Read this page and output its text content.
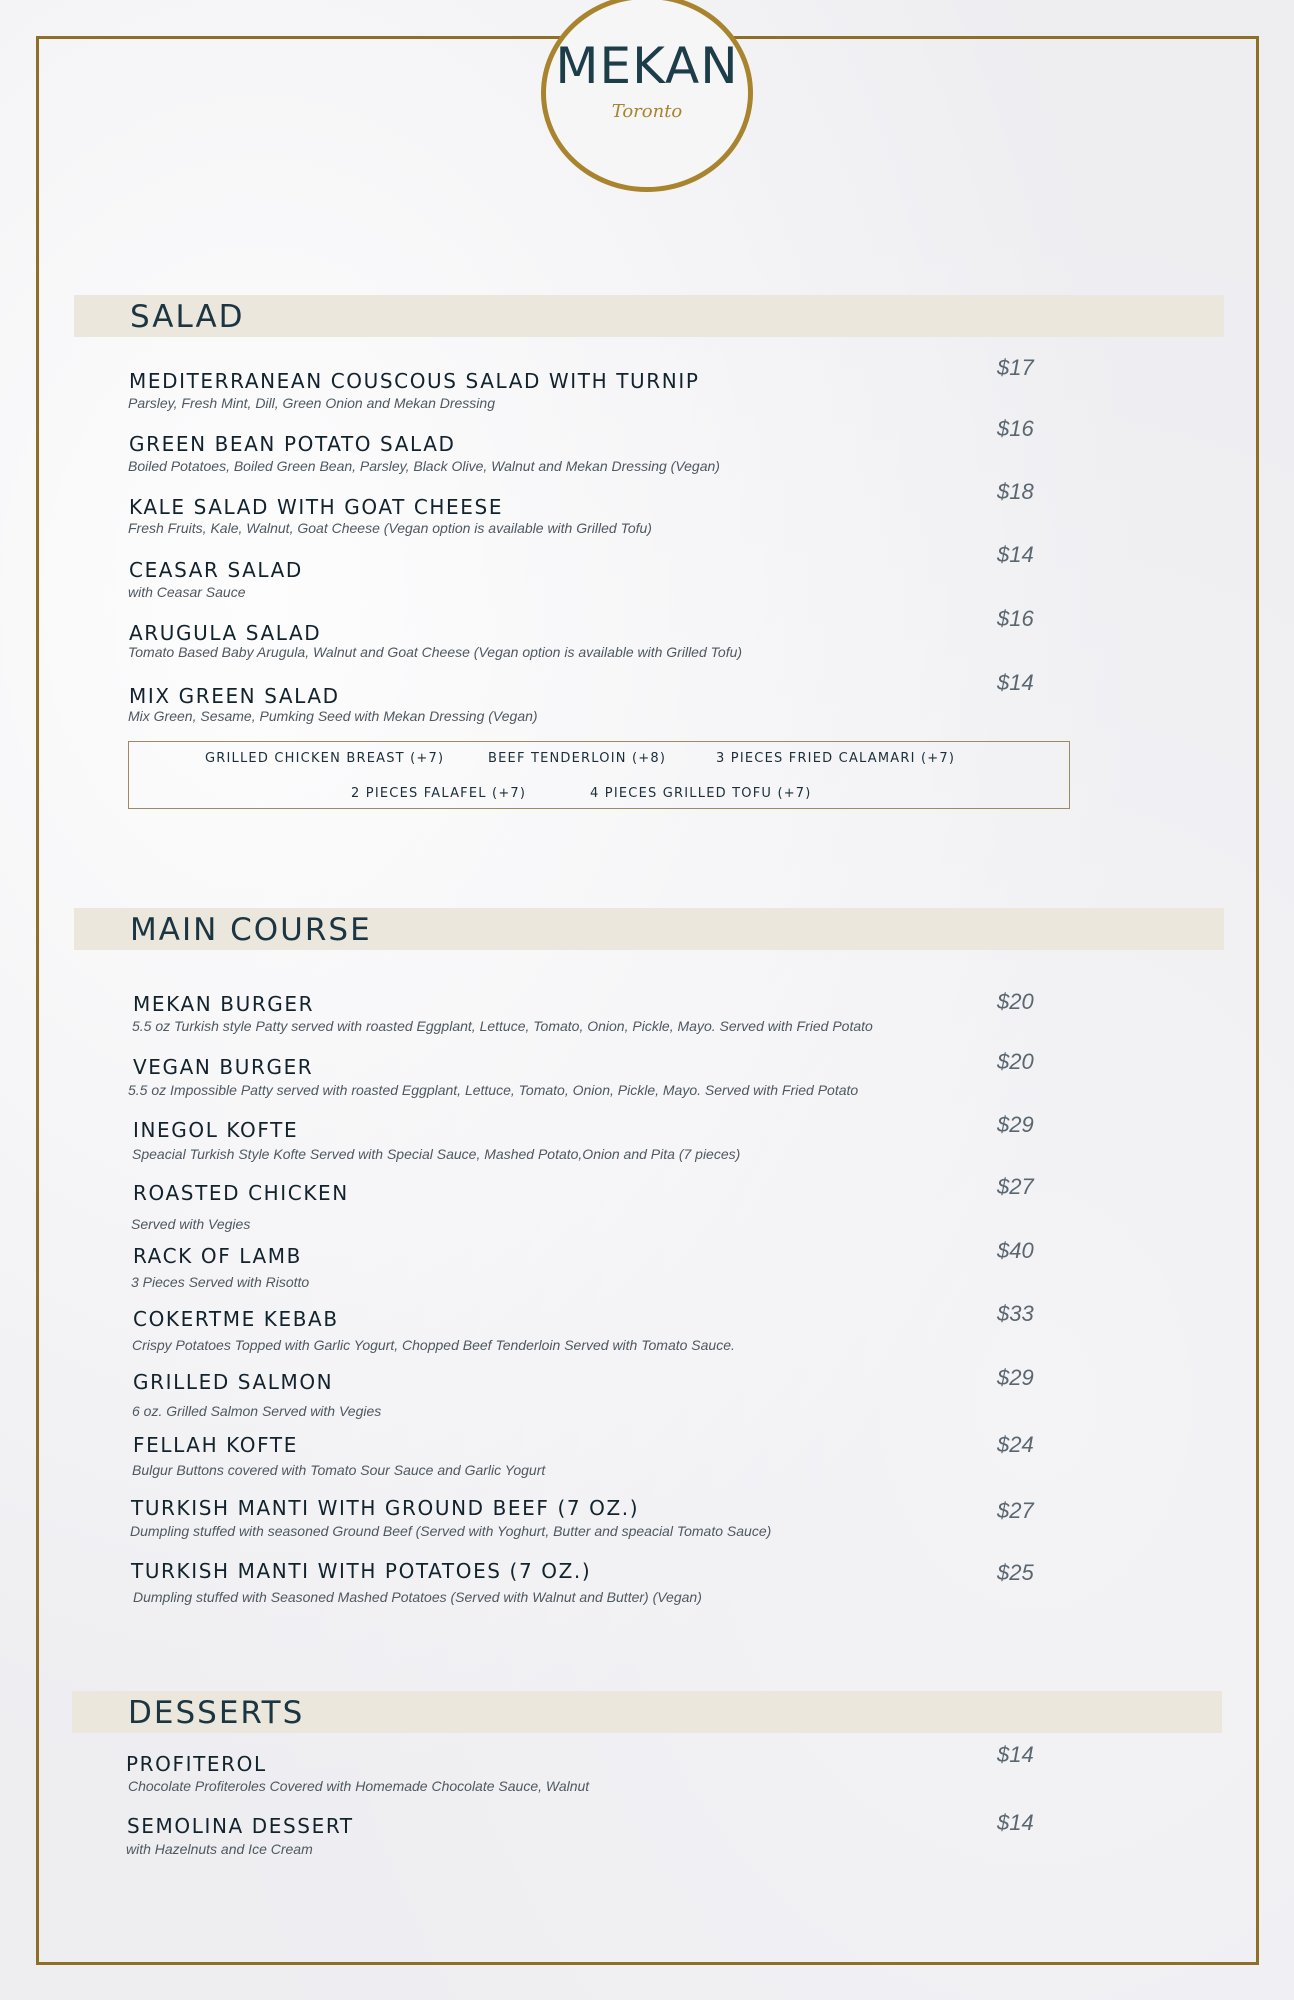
MEKAN
Toronto
SALAD
MEDITERRANEAN COUSCOUS SALAD WITH TURNIP
Parsley, Fresh Mint, Dill, Green Onion and Mekan Dressing
$17
GREEN BEAN POTATO SALAD
Boiled Potatoes, Boiled Green Bean, Parsley, Black Olive, Walnut and Mekan Dressing (Vegan)
$16
KALE SALAD WITH GOAT CHEESE
Fresh Fruits, Kale, Walnut, Goat Cheese (Vegan option is available with Grilled Tofu)
$18
CEASAR SALAD
with Ceasar Sauce
$14
ARUGULA SALAD
Tomato Based Baby Arugula, Walnut and Goat Cheese (Vegan option is available with Grilled Tofu)
$16
MIX GREEN SALAD
Mix Green, Sesame, Pumking Seed with Mekan Dressing (Vegan)
$14
GRILLED CHICKEN BREAST (+7)	BEEF TENDERLOIN (+8)	3 PIECES FRIED CALAMARI (+7)
2 PIECES FALAFEL (+7)	4 PIECES GRILLED TOFU (+7)
MAIN COURSE
MEKAN BURGER
5.5 oz Turkish style Patty served with roasted Eggplant, Lettuce, Tomato, Onion, Pickle, Mayo. Served with Fried Potato
$20
VEGAN BURGER
5.5 oz Impossible Patty served with roasted Eggplant, Lettuce, Tomato, Onion, Pickle, Mayo. Served with Fried Potato
$20
INEGOL KOFTE
Speacial Turkish Style Kofte Served with Special Sauce, Mashed Potato,Onion and Pita (7 pieces)
$29
ROASTED CHICKEN
Served with Vegies
$27
RACK OF LAMB
3 Pieces Served with Risotto
$40
COKERTME KEBAB
Crispy Potatoes Topped with Garlic Yogurt, Chopped Beef Tenderloin Served with Tomato Sauce.
$33
GRILLED SALMON
6 oz. Grilled Salmon Served with Vegies
$29
FELLAH KOFTE
Bulgur Buttons covered with Tomato Sour Sauce and Garlic Yogurt
$24
TURKISH MANTI WITH GROUND BEEF (7 OZ.)
Dumpling stuffed with seasoned Ground Beef (Served with Yoghurt, Butter and speacial Tomato Sauce)
$27
TURKISH MANTI WITH POTATOES (7 OZ.)
Dumpling stuffed with Seasoned Mashed Potatoes (Served with Walnut and Butter) (Vegan)
$25
DESSERTS
PROFITEROL
Chocolate Profiteroles Covered with Homemade Chocolate Sauce, Walnut
$14
SEMOLINA DESSERT
with Hazelnuts and Ice Cream
$14
